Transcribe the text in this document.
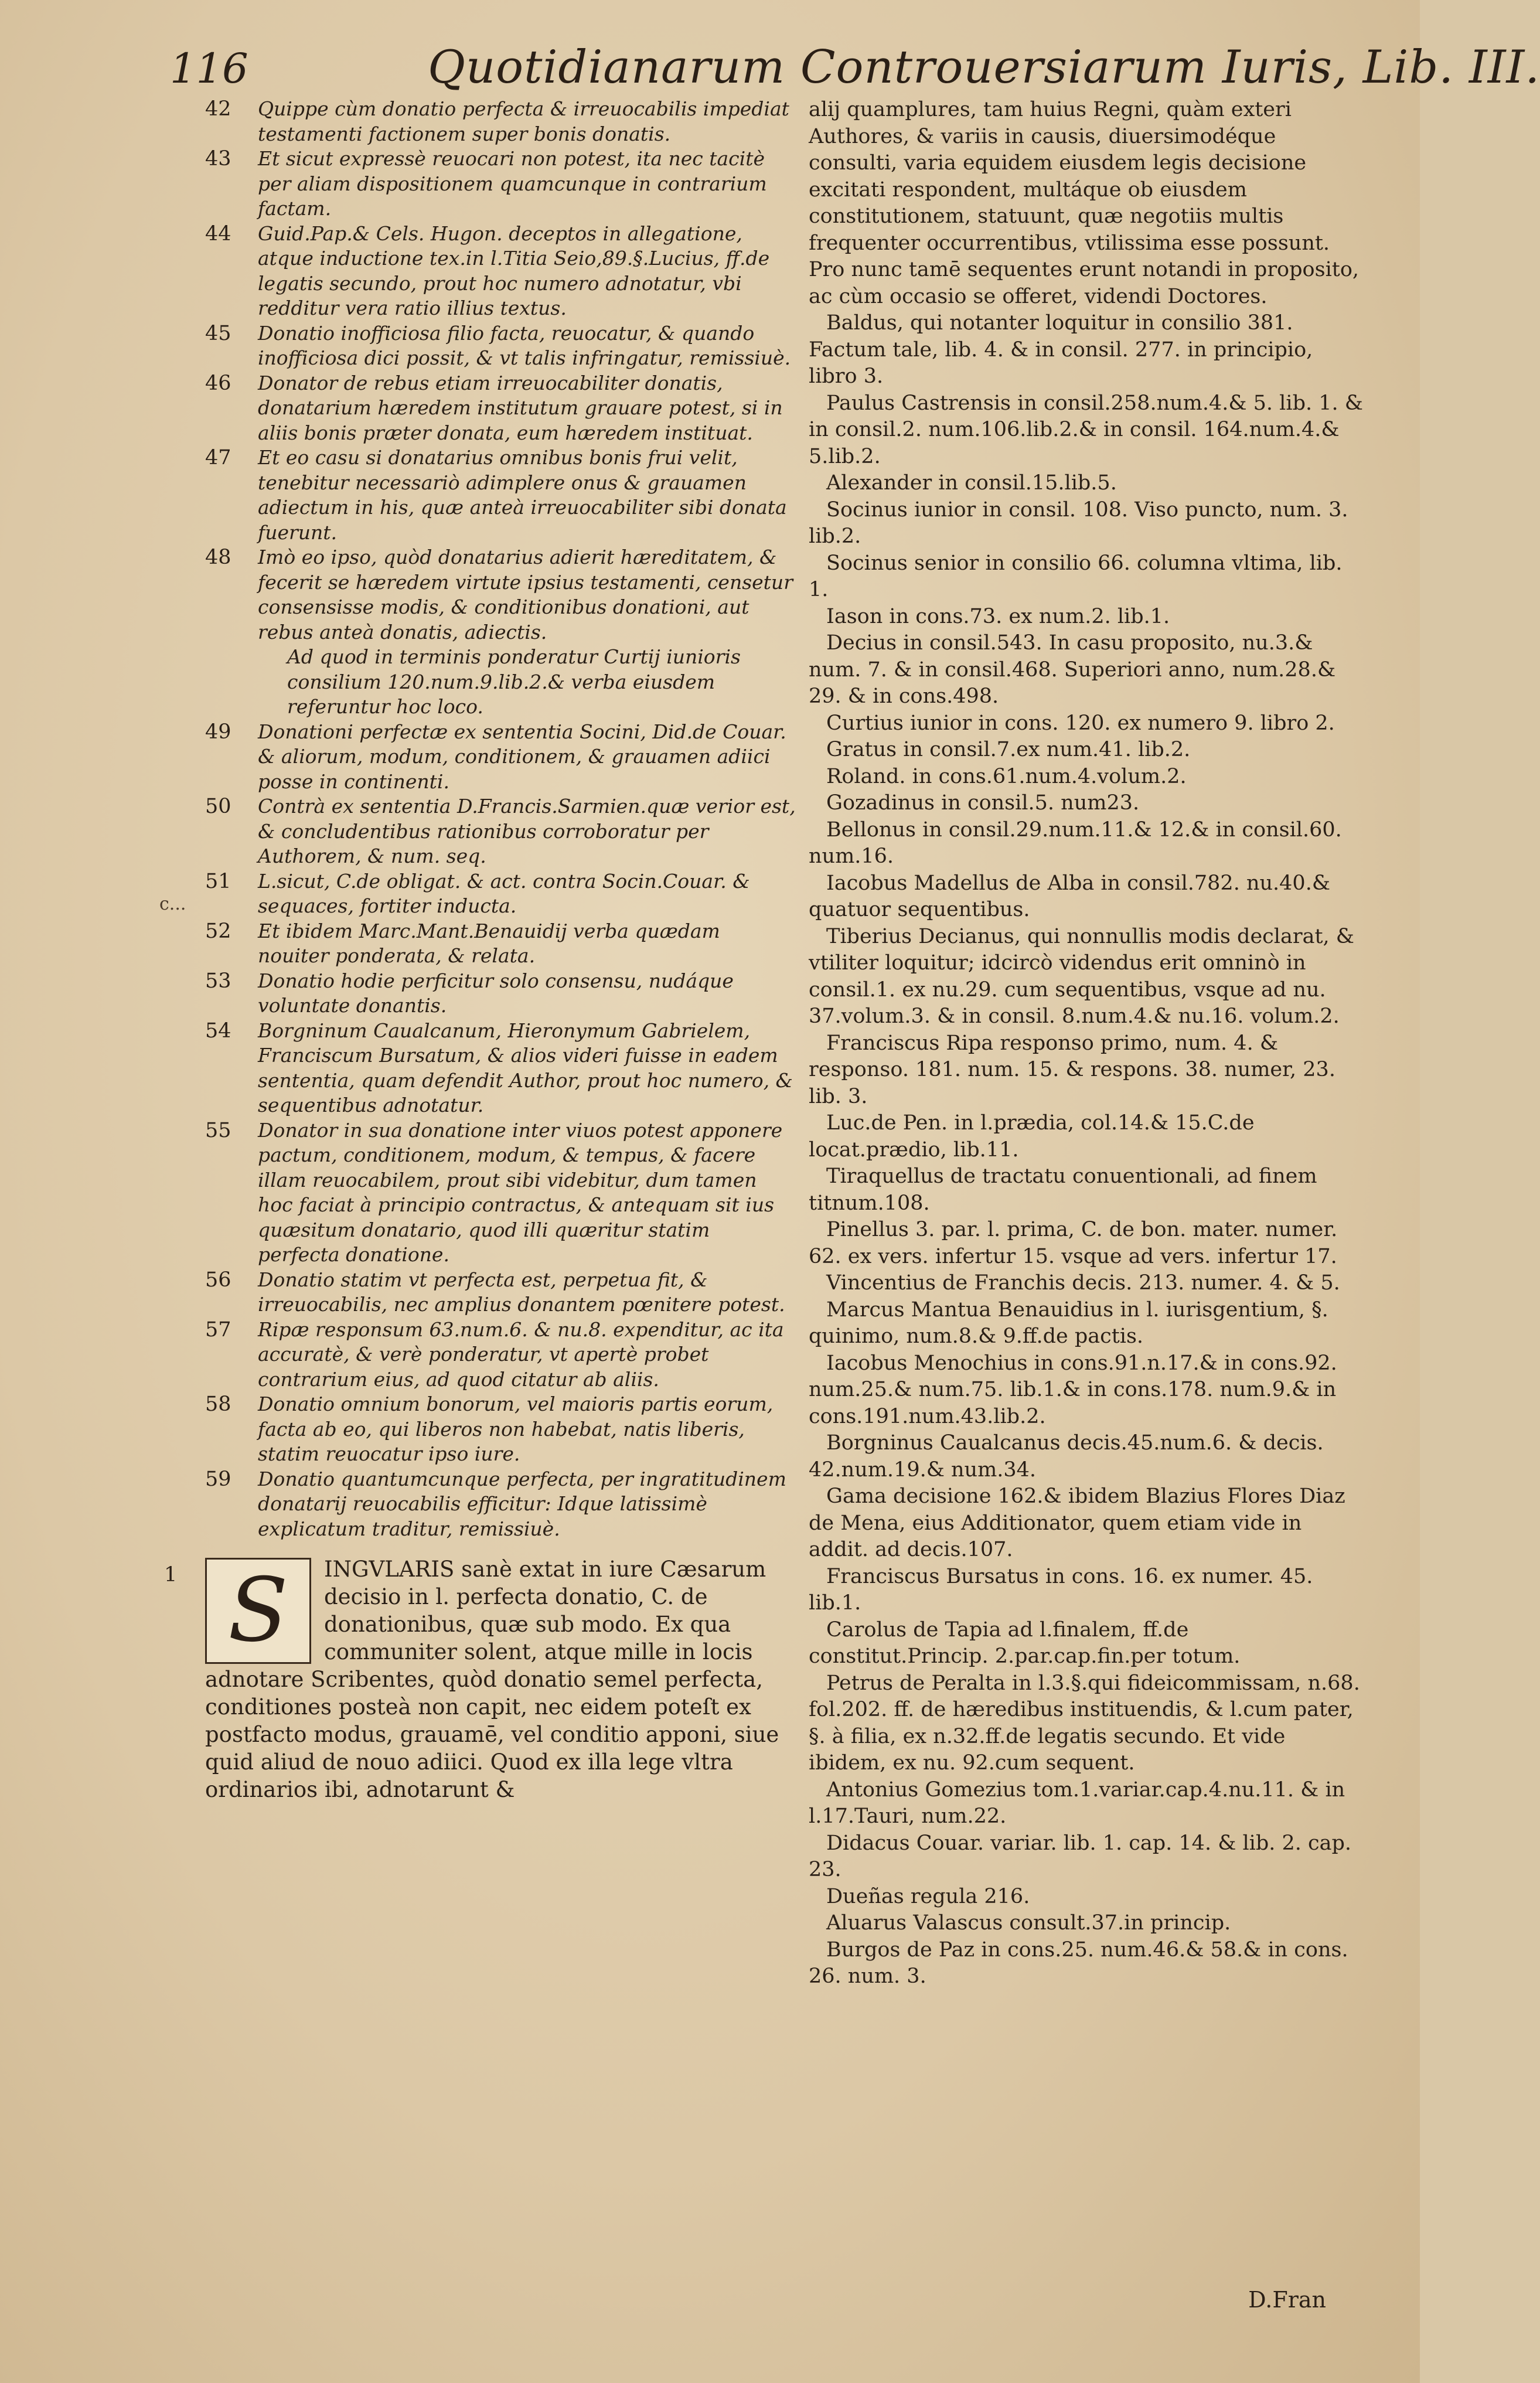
116	Quotidianarum Controuersiarum Iuris, Lib. III.
c...
42 Quippe cùm donatio perfecta & irreuocabilis impediat testamenti factionem super bonis donatis.

43 Et sicut expressè reuocari non potest, ita nec tacitè per aliam dispositionem quamcunque in contrarium factam.

44 Guid.Pap.& Cels. Hugon. deceptos in allegatione, atque inductione tex.in l.Titia Seio,89.§.Lucius, ff.de legatis secundo, prout hoc numero adnotatur, vbi redditur vera ratio illius textus.

45 Donatio inofficiosa filio facta, reuocatur, & quando inofficiosa dici possit, & vt talis infringatur, remissiuè.

46 Donator de rebus etiam irreuocabiliter donatis, donatarium hæredem institutum grauare potest, si in aliis bonis præter donata, eum hæredem instituat.

47 Et eo casu si donatarius omnibus bonis frui velit, tenebitur necessariò adimplere onus & grauamen adiectum in his, quæ anteà irreuocabiliter sibi donata fuerunt.

48 Imò eo ipso, quòd donatarius adierit hæreditatem, & fecerit se hæredem virtute ipsius testamenti, censetur consensisse modis, & conditionibus donationi, aut rebus anteà donatis, adiectis.

Ad quod in terminis ponderatur Curtij iunioris consilium 120.num.9.lib.2.& verba eiusdem referuntur hoc loco.

49 Donationi perfectæ ex sententia Socini, Did.de Couar. & aliorum, modum, conditionem, & grauamen adiici posse in continenti.

50 Contrà ex sententia D.Francis.Sarmien.quæ verior est, & concludentibus rationibus corroboratur per Authorem, & num. seq.

51 L.sicut, C.de obligat. & act. contra Socin.Couar. & sequaces, fortiter inducta.

52 Et ibidem Marc.Mant.Benauidij verba quædam nouiter ponderata, & relata.

53 Donatio hodie perficitur solo consensu, nudáque voluntate donantis.

54 Borgninum Caualcanum, Hieronymum Gabrielem, Franciscum Bursatum, & alios videri fuisse in eadem sententia, quam defendit Author, prout hoc numero, & sequentibus adnotatur.

55 Donator in sua donatione inter viuos potest apponere pactum, conditionem, modum, & tempus, & facere illam reuocabilem, prout sibi videbitur, dum tamen hoc faciat à principio contractus, & antequam sit ius quæsitum donatario, quod illi quæritur statim perfecta donatione.

56 Donatio statim vt perfecta est, perpetua fit, & irreuocabilis, nec amplius donantem pœnitere potest.

57 Ripæ responsum 63.num.6. & nu.8. expenditur, ac ita accuratè, & verè ponderatur, vt apertè probet contrarium eius, ad quod citatur ab aliis.

58 Donatio omnium bonorum, vel maioris partis eorum, facta ab eo, qui liberos non habebat, natis liberis, statim reuocatur ipso iure.

59 Donatio quantumcunque perfecta, per ingratitudinem donatarij reuocabilis efficitur: Idque latissimè explicatum traditur, remissiuè.

1 S	INGVLARIS sanè extat in iure Cæsarum decisio in l. perfecta donatio, C. de donationibus, quæ sub modo. Ex qua communiter solent, atque mille in locis adnotare Scribentes, quòd donatio semel perfecta, conditiones posteà non capit, nec eidem poteſt ex postfacto modus, grauamē, vel conditio apponi, siue quid aliud de nouo adiici. Quod ex illa lege vltra ordinarios ibi, adnotarunt &

alij quamplures, tam huius Regni, quàm exteri Authores, & variis in causis, diuersimodéque consulti, varia equidem eiusdem legis decisione excitati respondent, multáque ob eiusdem constitutionem, statuunt, quæ negotiis multis frequenter occurrentibus, vtilissima esse possunt. Pro nunc tamē sequentes erunt notandi in proposito, ac cùm occasio se offeret, videndi Doctores.

Baldus, qui notanter loquitur in consilio 381. Factum tale, lib. 4. & in consil. 277. in principio, libro 3.

Paulus Castrensis in consil.258.num.4.& 5. lib. 1. & in consil.2. num.106.lib.2.& in consil. 164.num.4.& 5.lib.2.

Alexander in consil.15.lib.5.

Socinus iunior in consil. 108. Viso puncto, num. 3. lib.2.

Socinus senior in consilio 66. columna vltima, lib. 1.

Iason in cons.73. ex num.2. lib.1.

Decius in consil.543. In casu proposito, nu.3.& num. 7. & in consil.468. Superiori anno, num.28.& 29. & in cons.498.

Curtius iunior in cons. 120. ex numero 9. libro 2.

Gratus in consil.7.ex num.41. lib.2.

Roland. in cons.61.num.4.volum.2.

Gozadinus in consil.5. num23.

Bellonus in consil.29.num.11.& 12.& in consil.60. num.16.

Iacobus Madellus de Alba in consil.782. nu.40.& quatuor sequentibus.

Tiberius Decianus, qui nonnullis modis declarat, & vtiliter loquitur; idcircò videndus erit omninò in consil.1. ex nu.29. cum sequentibus, vsque ad nu. 37.volum.3. & in consil. 8.num.4.& nu.16. volum.2.

Franciscus Ripa responso primo, num. 4. & responso. 181. num. 15. & respons. 38. numer, 23. lib. 3.

Luc.de Pen. in l.prædia, col.14.& 15.C.de locat.prædio, lib.11.

Tiraquellus de tractatu conuentionali, ad finem titnum.108.

Pinellus 3. par. l. prima, C. de bon. mater. numer. 62. ex vers. infertur 15. vsque ad vers. infertur 17.

Vincentius de Franchis decis. 213. numer. 4. & 5.

Marcus Mantua Benauidius in l. iurisgentium, §. quinimo, num.8.& 9.ff.de pactis.

Iacobus Menochius in cons.91.n.17.& in cons.92. num.25.& num.75. lib.1.& in cons.178. num.9.& in cons.191.num.43.lib.2.

Borgninus Caualcanus decis.45.num.6. & decis. 42.num.19.& num.34.

Gama decisione 162.& ibidem Blazius Flores Diaz de Mena, eius Additionator, quem etiam vide in addit. ad decis.107.

Franciscus Bursatus in cons. 16. ex numer. 45. lib.1.

Carolus de Tapia ad l.finalem, ff.de constitut.Princip. 2.par.cap.fin.per totum.

Petrus de Peralta in l.3.§.qui fideicommissam, n.68. fol.202. ff. de hæredibus instituendis, & l.cum pater, §. à filia, ex n.32.ff.de legatis secundo. Et vide ibidem, ex nu. 92.cum sequent.

Antonius Gomezius tom.1.variar.cap.4.nu.11. & in l.17.Tauri, num.22.

Didacus Couar. variar. lib. 1. cap. 14. & lib. 2. cap. 23.

Dueñas regula 216.

Aluarus Valascus consult.37.in princip.

Burgos de Paz in cons.25. num.46.& 58.& in cons. 26. num. 3.

D.Fran
